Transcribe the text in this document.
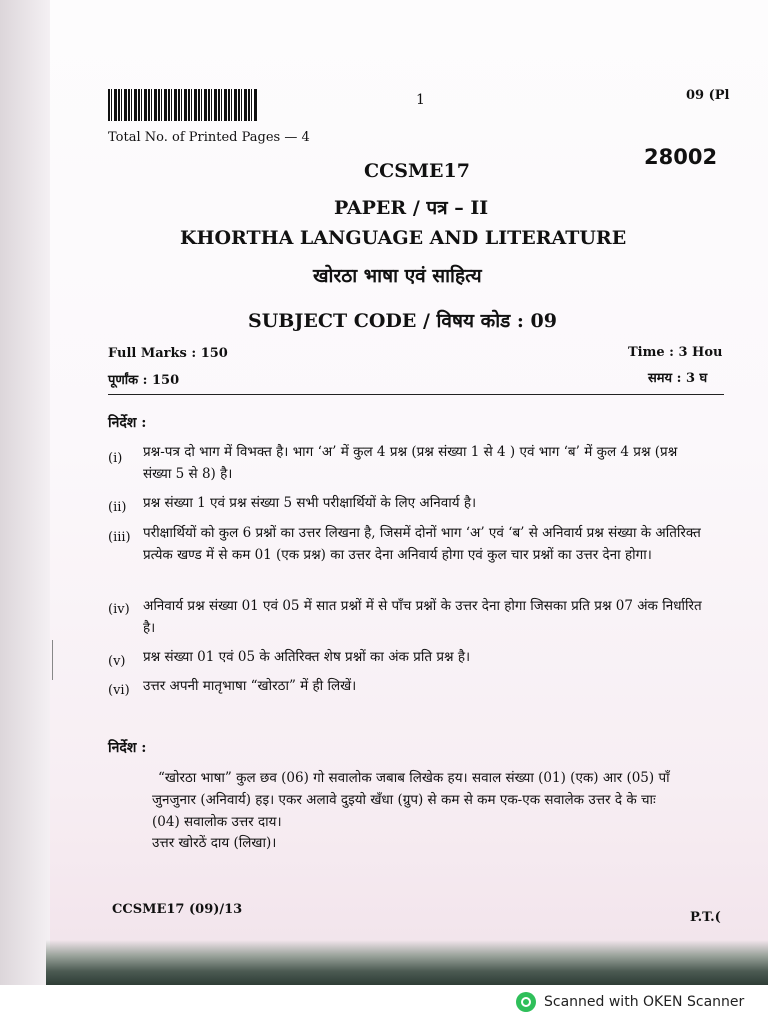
1	09 (Pl
Total No. of Printed Pages — 4
28002
CCSME17
PAPER / पत्र – II
KHORTHA LANGUAGE AND LITERATURE
खोरठा भाषा एवं साहित्य
SUBJECT CODE / विषय कोड : 09
Full Marks : 150
पूर्णांक : 150
Time : 3 Hou
समय : 3 घ
निर्देश :
(i) प्रश्न-पत्र दो भाग में विभक्त है। भाग ‘अ’ में कुल 4 प्रश्न (प्रश्न संख्या 1 से 4 ) एवं भाग ‘ब’ में कुल 4 प्रश्न (प्रश्न संख्या 5 से 8) है।
(ii) प्रश्न संख्या 1 एवं प्रश्न संख्या 5 सभी परीक्षार्थियों के लिए अनिवार्य है।
(iii) परीक्षार्थियों को कुल 6 प्रश्नों का उत्तर लिखना है, जिसमें दोनों भाग ‘अ’ एवं ‘ब’ से अनिवार्य प्रश्न संख्या के अतिरिक्त प्रत्येक खण्ड में से कम 01 (एक प्रश्न) का उत्तर देना अनिवार्य होगा एवं कुल चार प्रश्नों का उत्तर देना होगा।
(iv) अनिवार्य प्रश्न संख्या 01 एवं 05 में सात प्रश्नों में से पाँच प्रश्नों के उत्तर देना होगा जिसका प्रति प्रश्न 07 अंक निर्धारित है।
(v) प्रश्न संख्या 01 एवं 05 के अतिरिक्त शेष प्रश्नों का अंक प्रति प्रश्न है।
(vi) उत्तर अपनी मातृभाषा “खोरठा” में ही लिखें।
निर्देश :
“खोरठा भाषा” कुल छव (06) गो सवालोक जबाब लिखेक हय। सवाल संख्या (01) (एक) आर (05) पाँ
जुनजुनार (अनिवार्य) हइ। एकर अलावे दुइयो खँधा (ग्रुप) से कम से कम एक-एक सवालेक उत्तर दे के चाः
(04) सवालोक उत्तर दाय।
उत्तर खोरठें दाय (लिखा)।
CCSME17 (09)/13
P.T.(
Scanned with OKEN Scanner
